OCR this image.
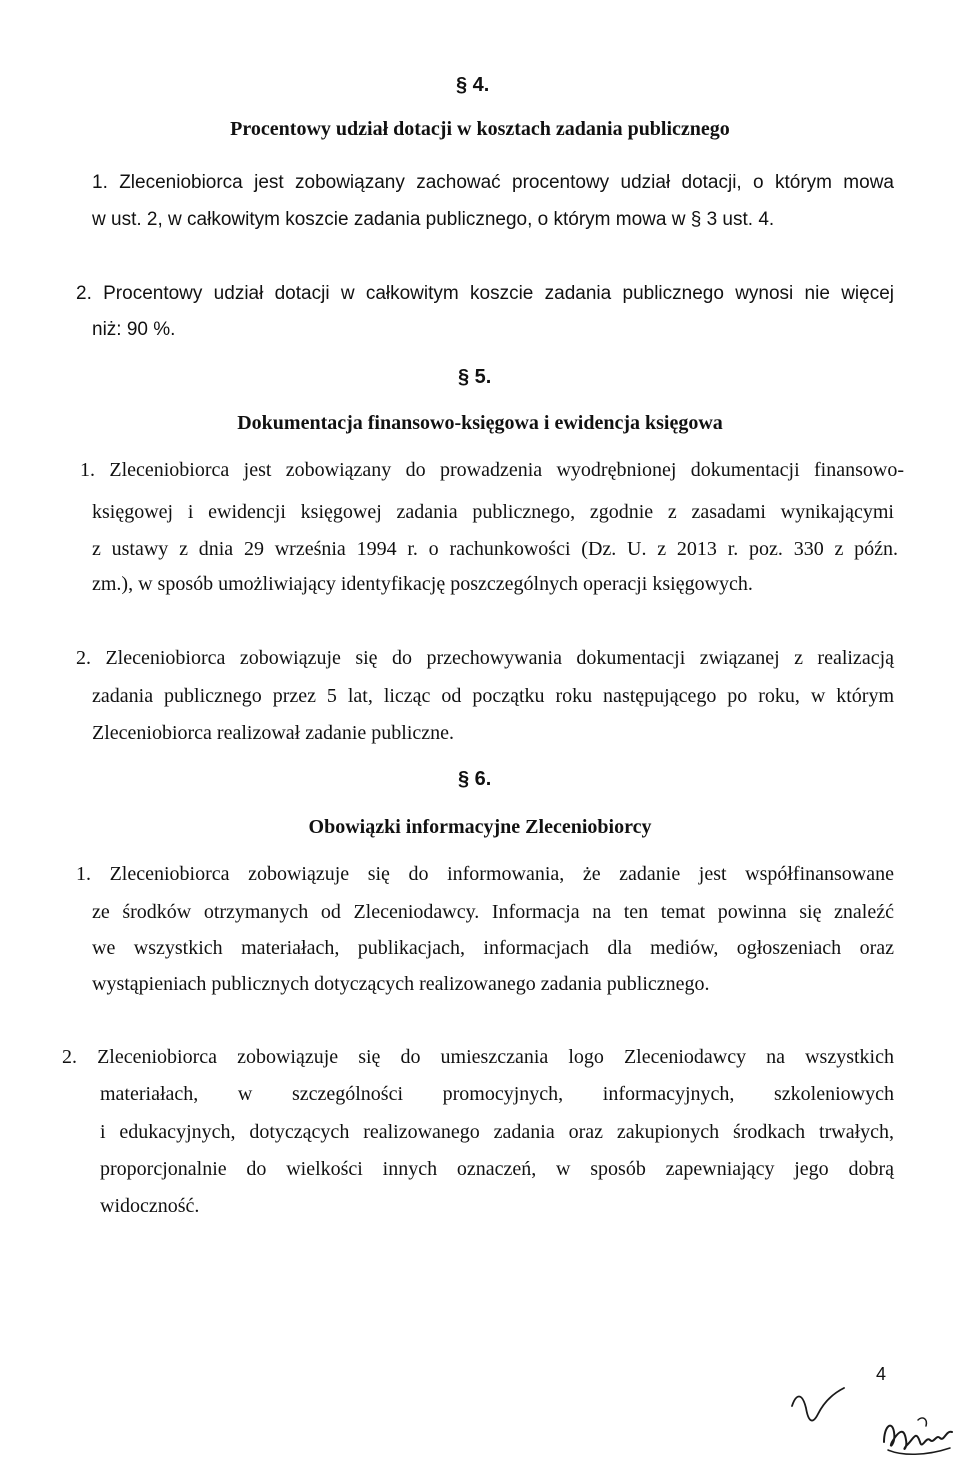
§ 4.
Procentowy udział dotacji w kosztach zadania publicznego
1. Zleceniobiorca jest zobowiązany zachować procentowy udział dotacji, o którym mowa
w ust. 2, w całkowitym koszcie zadania publicznego, o którym mowa w § 3 ust. 4.
2. Procentowy udział dotacji w całkowitym koszcie zadania publicznego wynosi nie więcej
niż: 90 %.
§ 5.
Dokumentacja finansowo-księgowa i ewidencja księgowa
1. Zleceniobiorca jest zobowiązany do prowadzenia wyodrębnionej dokumentacji finansowo-
księgowej i ewidencji księgowej zadania publicznego, zgodnie z zasadami wynikającymi
z ustawy z dnia 29 września 1994 r. o rachunkowości (Dz. U. z 2013 r. poz. 330 z późn.
zm.), w sposób umożliwiający identyfikację poszczególnych operacji księgowych.
2. Zleceniobiorca zobowiązuje się do przechowywania dokumentacji związanej z realizacją
zadania publicznego przez 5 lat, licząc od początku roku następującego po roku, w którym
Zleceniobiorca realizował zadanie publiczne.
§ 6.
Obowiązki informacyjne Zleceniobiorcy
1. Zleceniobiorca zobowiązuje się do informowania, że zadanie jest współfinansowane
ze środków otrzymanych od Zleceniodawcy. Informacja na ten temat powinna się znaleźć
we wszystkich materiałach, publikacjach, informacjach dla mediów, ogłoszeniach oraz
wystąpieniach publicznych dotyczących realizowanego zadania publicznego.
2. Zleceniobiorca zobowiązuje się do umieszczania logo Zleceniodawcy na wszystkich
materiałach, w szczególności promocyjnych, informacyjnych, szkoleniowych
i edukacyjnych, dotyczących realizowanego zadania oraz zakupionych środkach trwałych,
proporcjonalnie do wielkości innych oznaczeń, w sposób zapewniający jego dobrą
widoczność.
4
